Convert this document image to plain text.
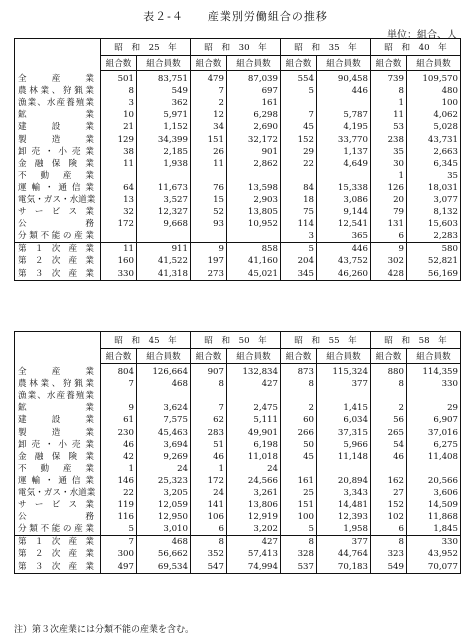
表２-４　　産業別労働組合の推移
単位：組合、人
	昭　和　25　年		昭　和　30　年		昭　和　35　年		昭　和　40　年	
	組合数	組合員数	組合数	組合員数	組合数	組合員数	組合数	組合員数
全　　産　　業	501	83,751	479	87,039	554	90,458	739	109,570
農林業、狩猟業	8	549	7	697	5	446	8	480
漁業、水産養殖業	3	362	2	161			1	100
鉱　　　　　業	10	5,971	12	6,298	7	5,787	11	4,062
建　　設　　業	21	1,152	34	2,690	45	4,195	53	5,028
製　　造　　業	129	34,399	151	32,172	152	33,770	238	43,731
卸売・小売業	38	2,185	26	901	29	1,137	35	2,663
金融保険業	11	1,938	11	2,862	22	4,649	30	6,345
不動産業							1	35
運輸・通信業	64	11,673	76	13,598	84	15,338	126	18,031
電気・ガス・水道業	13	3,527	15	2,903	18	3,086	20	3,077
サービス業	32	12,327	52	13,805	75	9,144	79	8,132
公　　　　　務	172	9,668	93	10,952	114	12,541	131	15,603
分類不能の産業					3	365	6	2,283
第１次産業	11	911	9	858	5	446	9	580
第２次産業	160	41,522	197	41,160	204	43,752	302	52,821
第３次産業	330	41,318	273	45,021	345	46,260	428	56,169
	昭　和　45　年		昭　和　50　年		昭　和　55　年		昭　和　58　年	
	組合数	組合員数	組合数	組合員数	組合数	組合員数	組合数	組合員数
全　　産　　業	804	126,664	907	132,834	873	115,324	880	114,359
農林業、狩猟業	7	468	8	427	8	377	8	330
漁業、水産養殖業								
鉱　　　　　業	9	3,624	7	2,475	2	1,415	2	29
建　　設　　業	61	7,575	62	5,111	60	6,034	56	6,907
製　　造　　業	230	45,463	283	49,901	266	37,315	265	37,016
卸売・小売業	46	3,694	51	6,198	50	5,966	54	6,275
金融保険業	42	9,269	46	11,018	45	11,148	46	11,408
不動産業	1	24	1	24				
運輸・通信業	146	25,323	172	24,566	161	20,894	162	20,566
電気・ガス・水道業	22	3,205	24	3,261	25	3,343	27	3,606
サービス業	119	12,059	141	13,806	151	14,481	152	14,509
公　　　　　務	116	12,950	106	12,919	100	12,393	102	11,868
分類不能の産業	5	3,010	6	3,202	5	1,958	6	1,845
第１次産業	7	468	8	427	8	377	8	330
第２次産業	300	56,662	352	57,413	328	44,764	323	43,952
第３次産業	497	69,534	547	74,994	537	70,183	549	70,077
注）第３次産業には分類不能の産業を含む。
